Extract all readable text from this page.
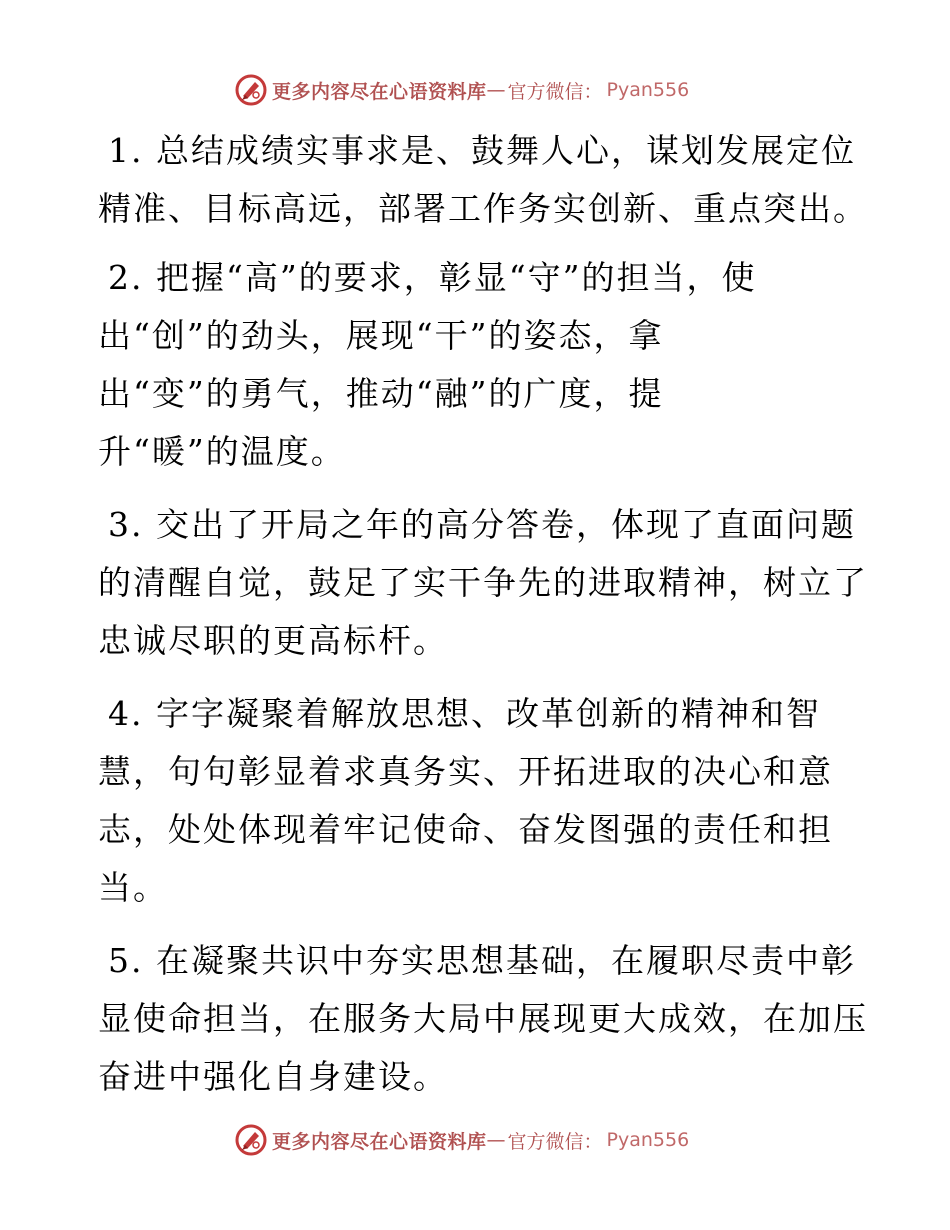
更多内容尽在心语资料库 — 官方微信： Pyan556
1. 总结成绩实事求是、鼓舞人心，谋划发展定位
精准、目标高远，部署工作务实创新、重点突出。
2. 把握“高”的要求，彰显“守”的担当，使
出“创”的劲头，展现“干”的姿态，拿
出“变”的勇气，推动“融”的广度，提
升“暖”的温度。
3. 交出了开局之年的高分答卷，体现了直面问题
的清醒自觉，鼓足了实干争先的进取精神，树立了
忠诚尽职的更高标杆。
4. 字字凝聚着解放思想、改革创新的精神和智
慧，句句彰显着求真务实、开拓进取的决心和意
志，处处体现着牢记使命、奋发图强的责任和担
当。
5. 在凝聚共识中夯实思想基础，在履职尽责中彰
显使命担当，在服务大局中展现更大成效，在加压
奋进中强化自身建设。
更多内容尽在心语资料库 — 官方微信： Pyan556
